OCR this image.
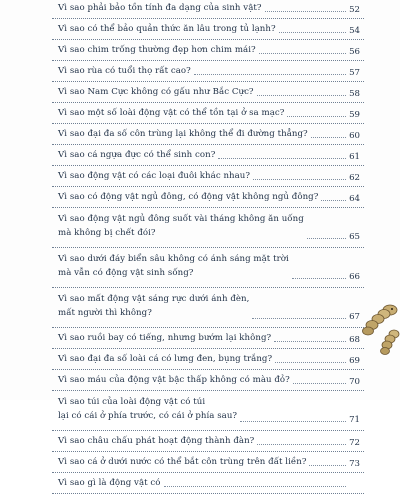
Vì sao phải bảo tồn tính đa dạng của sinh vật?	52
Vì sao có thể bảo quản thức ăn lâu trong tủ lạnh?	54
Vì sao chim trống thường đẹp hơn chim mái?	56
Vì sao rùa có tuổi thọ rất cao?	57
Vì sao Nam Cực không có gấu như Bắc Cực?	58
Vì sao một số loài động vật có thể tồn tại ở sa mạc?	59
Vì sao đại đa số côn trùng lại không thể đi đường thẳng?	60
Vì sao cá ngựa đực có thể sinh con?	61
Vì sao động vật có các loại đuôi khác nhau?	62
Vì sao có động vật ngủ đông, có động vật không ngủ đông?	64
Vì sao động vật ngủ đông suốt vài tháng không ăn uống
mà không bị chết đói?	65
Vì sao dưới đáy biển sâu không có ánh sáng mặt trời
mà vẫn có động vật sinh sống?	66
Vì sao mất động vật sáng rực dưới ánh đèn,
mất người thì không?	67
Vì sao ruồi bay có tiếng, nhưng bướm lại không?	68
Vì sao đại đa số loài cá có lưng đen, bụng trắng?	69
Vì sao máu của động vật bậc thấp không có màu đỏ?	70
Vì sao túi của loài động vật có túi
lại có cái ở phía trước, có cái ở phía sau?	71
Vì sao châu chấu phát hoạt động thành đàn?	72
Vì sao cá ở dưới nước có thể bắt côn trùng trên đất liền?	73
Vì sao gì là động vật có
